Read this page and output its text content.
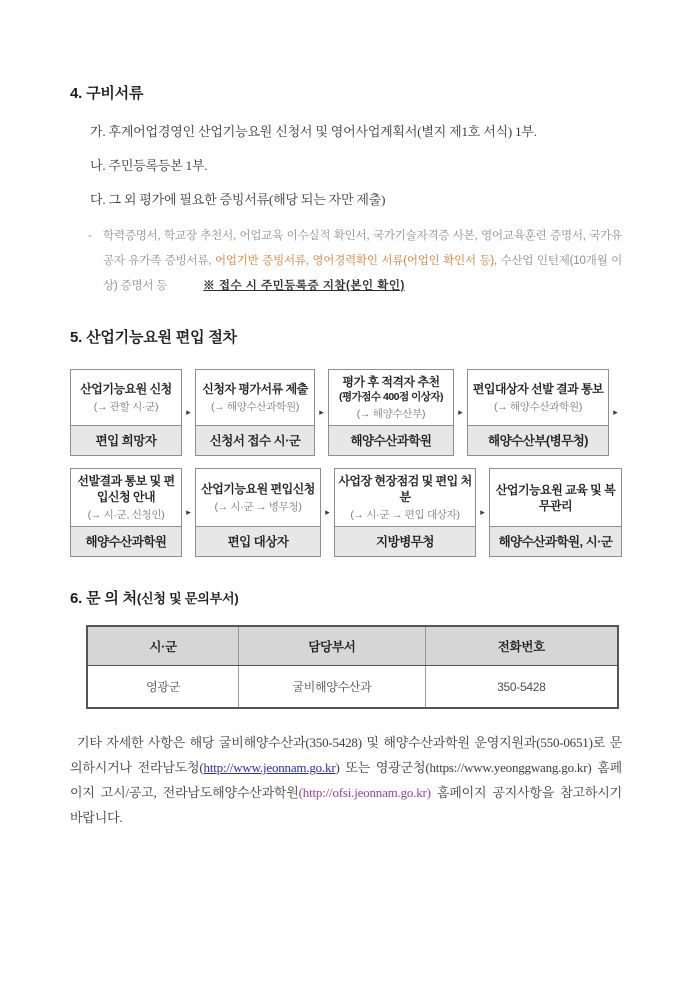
4. 구비서류
가. 후계어업경영인 산업기능요원 신청서 및 영어사업계획서(별지 제1호 서식) 1부.
나. 주민등록등본 1부.
다. 그 외 평가에 필요한 증빙서류(해당 되는 자만 제출)
- 학력증명서, 학교장 추천서, 어업교육 이수실적 확인서, 국가기술자격증 사본, 영어교육훈련 증명서, 국가유공자 유가족 증빙서류, 어업기반 증빙서류, 영어경력확인 서류(어업인 확인서 등), 수산업 인턴제(10개월 이상) 증명서 등	※ 접수 시 주민등록증 지참(본인 확인)
5. 산업기능요원 편입 절차
산업기능요원 신청
(→ 관할 시·군)
편입 희망자
▸
신청자 평가서류 제출
(→ 해양수산과학원)
신청서 접수 시·군
▸
평가 후 적격자 추천
(평가점수 400점 이상자)
(→ 해양수산부)
해양수산과학원
▸
편입대상자 선발 결과 통보
(→ 해양수산과학원)
해양수산부(병무청)
▸
선발결과 통보 및 편입신청 안내
(→ 시·군, 신청인)
해양수산과학원
▸
산업기능요원 편입신청
(→ 시·군 → 병무청)
편입 대상자
▸
사업장 현장점검 및 편입 처분
(→ 시·군 → 편입 대상자)
지방병무청
▸
산업기능요원 교육 및 복무관리
해양수산과학원, 시·군
6. 문 의 처(신청 및 문의부서)
시·군	담당부서	전화번호
영광군	굴비해양수산과	350-5428

기타 자세한 사항은 해당 굴비해양수산과(350-5428) 및 해양수산과학원 운영지원과(550-0651)로 문의하시거나 전라남도청(http://www.jeonnam.go.kr) 또는 영광군청(https://www.yeonggwang.go.kr) 홈페이지 고시/공고, 전라남도해양수산과학원(http://ofsi.jeonnam.go.kr) 홈페이지 공지사항을 참고하시기 바랍니다.
